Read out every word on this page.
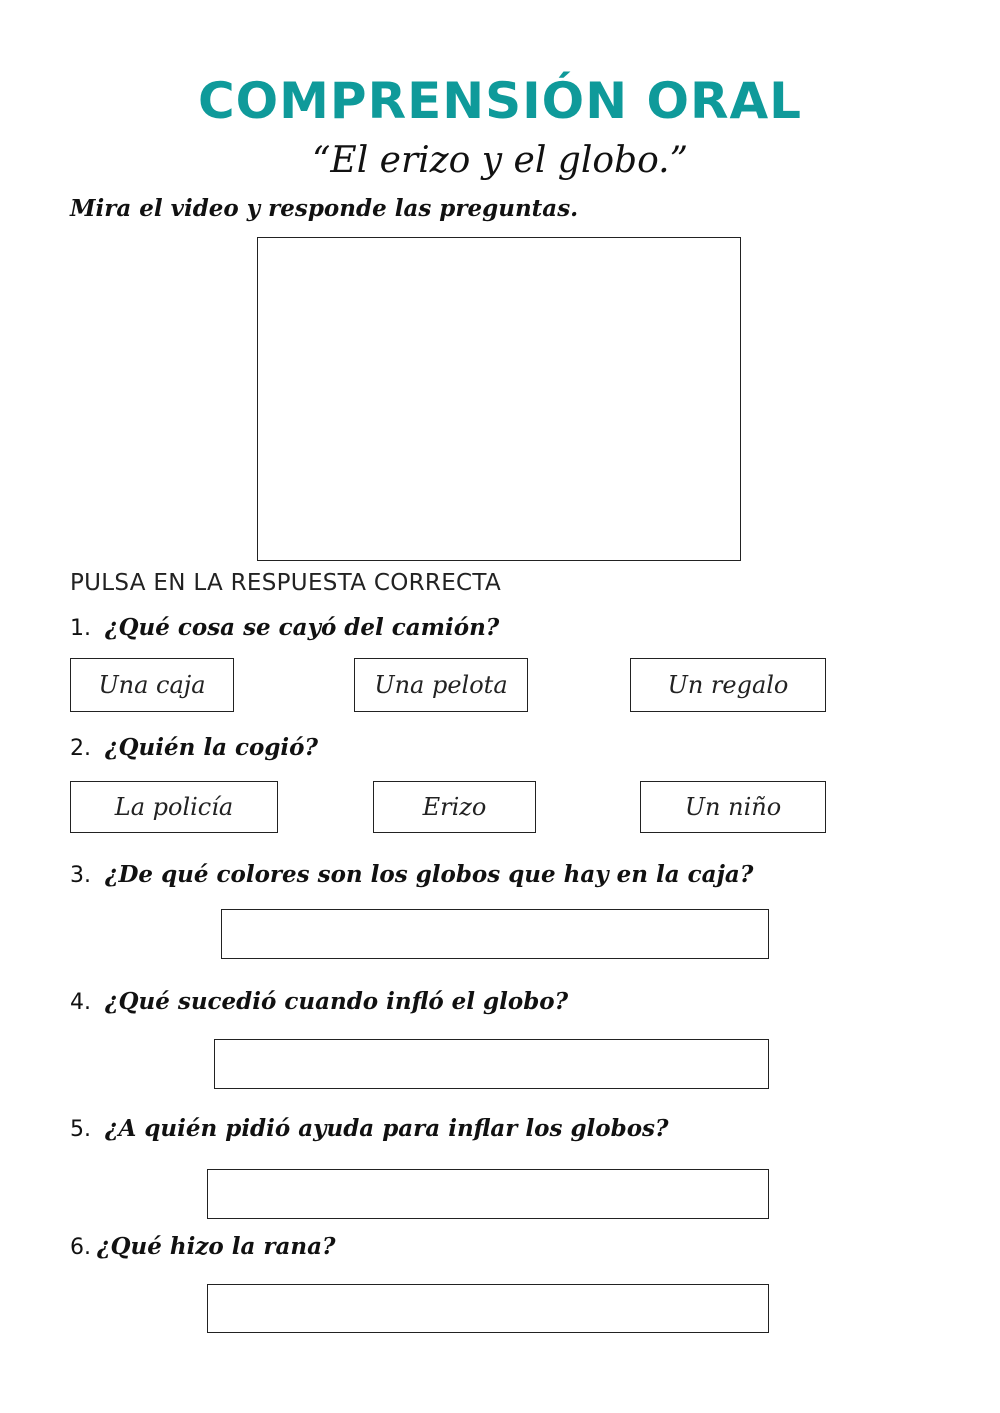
COMPRENSIÓN ORAL
“El erizo y el globo.”
Mira el video y responde las preguntas.
PULSA EN LA RESPUESTA CORRECTA
1. ¿Qué cosa se cayó del camión?
Una caja	Una pelota	Un regalo
2. ¿Quién la cogió?
La policía	Erizo	Un niño
3. ¿De qué colores son los globos que hay en la caja?
4. ¿Qué sucedió cuando infló el globo?
5. ¿A quién pidió ayuda para inflar los globos?
6. ¿Qué hizo la rana?
